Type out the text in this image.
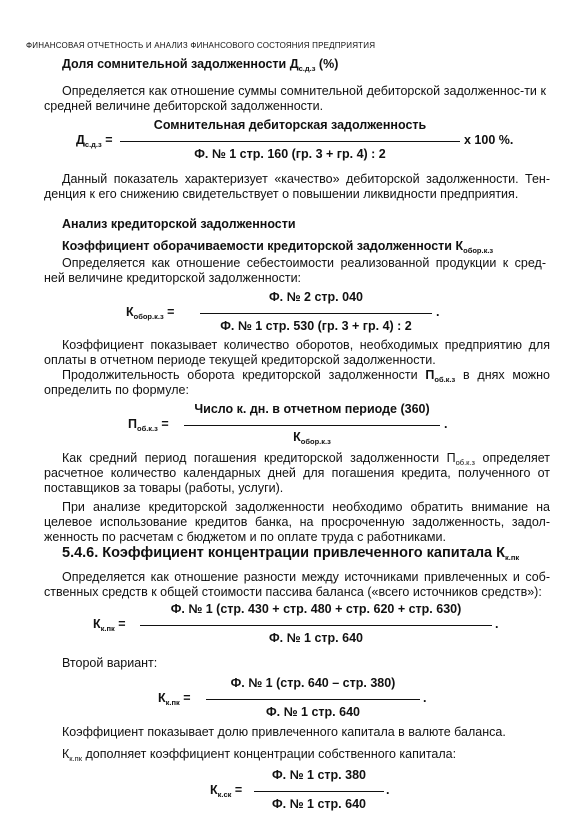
ФИНАНСОВАЯ ОТЧЕТНОСТЬ И АНАЛИЗ ФИНАНСОВОГО СОСТОЯНИЯ ПРЕДПРИЯТИЯ
Доля сомнительной задолженности $Д_{с.д.з}$ (%)

Определяется как отношение суммы сомнительной дебиторской задолженнос-ти к средней величине дебиторской задолженности.

$Д_{с.д.з}$ =
Сомнительная дебиторская задолженность
Ф. № 1 стр. 160 (гр. 3 + гр. 4) : 2
x 100 %.

Данный показатель характеризует «качество» дебиторской задолженности. Тен-денция к его снижению свидетельствует о повышении ликвидности предприятия.

Анализ кредиторской задолженности
Коэффициент оборачиваемости кредиторской задолженности $К_{обор.к.з}$

Определяется как отношение себестоимости реализованной продукции к сред-ней величине кредиторской задолженности:

$К_{обор.к.з}$ =
Ф. № 2 стр. 040
Ф. № 1 стр. 530 (гр. 3 + гр. 4) : 2
.

Коэффициент показывает количество оборотов, необходимых предприятию для оплаты в отчетном периоде текущей кредиторской задолженности.

Продолжительность оборота кредиторской задолженности $П_{об.к.з}$ в днях можно определить по формуле:

$П_{об.к.з}$ =
Число к. дн. в отчетном периоде (360)
$К_{обор.к.з}$
.

Как средний период погашения кредиторской задолженности $П_{об.к.з}$ определяет расчетное количество календарных дней для погашения кредита, полученного от поставщиков за товары (работы, услуги).

При анализе кредиторской задолженности необходимо обратить внимание на целевое использование кредитов банка, на просроченную задолженность, задол-женность по расчетам с бюджетом и по оплате труда с работниками.

5.4.6. Коэффициент концентрации привлеченного капитала $К_{к.пк}$

Определяется как отношение разности между источниками привлеченных и соб-ственных средств к общей стоимости пассива баланса («всего источников средств»):

$К_{к.пк}$ =
Ф. № 1 (стр. 430 + стр. 480 + стр. 620 + стр. 630)
Ф. № 1 стр. 640
.
Второй вариант:
$К_{к.пк}$ =
Ф. № 1 (стр. 640 – стр. 380)
Ф. № 1 стр. 640
.

Коэффициент показывает долю привлеченного капитала в валюте баланса.

$К_{к.пк}$ дополняет коэффициент концентрации собственного капитала:

$К_{к.ск}$ =
Ф. № 1 стр. 380
Ф. № 1 стр. 640
.
